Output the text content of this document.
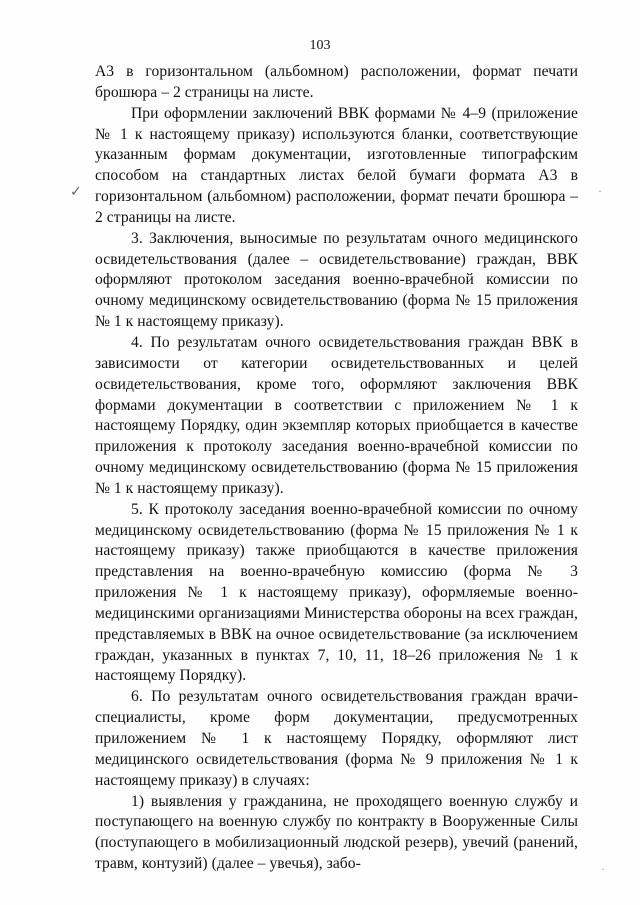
103
✓	·
·

А3 в горизонтальном (альбомном) расположении, формат печати брошюра – 2 страницы на листе.

При оформлении заключений ВВК формами № 4–9 (приложение № 1 к настоящему приказу) используются бланки, соответствующие указанным формам документации, изготовленные типографским способом на стандартных листах белой бумаги формата А3 в горизонтальном (альбомном) расположении, формат печати брошюра – 2 страницы на листе.

3. Заключения, выносимые по результатам очного медицинского освидетельствования (далее – освидетельствование) граждан, ВВК оформляют протоколом заседания военно-врачебной комиссии по очному медицинскому освидетельствованию (форма № 15 приложения № 1 к настоящему приказу).

4. По результатам очного освидетельствования граждан ВВК в зависимости от категории освидетельствованных и целей освидетельствования, кроме того, оформляют заключения ВВК формами документации в соответствии с приложением № 1 к настоящему Порядку, один экземпляр которых приобщается в качестве приложения к протоколу заседания военно-врачебной комиссии по очному медицинскому освидетельствованию (форма № 15 приложения № 1 к настоящему приказу).

5. К протоколу заседания военно-врачебной комиссии по очному медицинскому освидетельствованию (форма № 15 приложения № 1 к настоящему приказу) также приобщаются в качестве приложения представления на военно-врачебную комиссию (форма № 3 приложения № 1 к настоящему приказу), оформляемые военно-медицинскими организациями Министерства обороны на всех граждан, представляемых в ВВК на очное освидетельствование (за исключением граждан, указанных в пунктах 7, 10, 11, 18–26 приложения № 1 к настоящему Порядку).

6. По результатам очного освидетельствования граждан врачи-специалисты, кроме форм документации, предусмотренных приложением № 1 к настоящему Порядку, оформляют лист медицинского освидетельствования (форма № 9 приложения № 1 к настоящему приказу) в случаях:

1) выявления у гражданина, не проходящего военную службу и поступающего на военную службу по контракту в Вооруженные Силы (поступающего в мобилизационный людской резерв), увечий (ранений, травм, контузий) (далее – увечья), забо-
